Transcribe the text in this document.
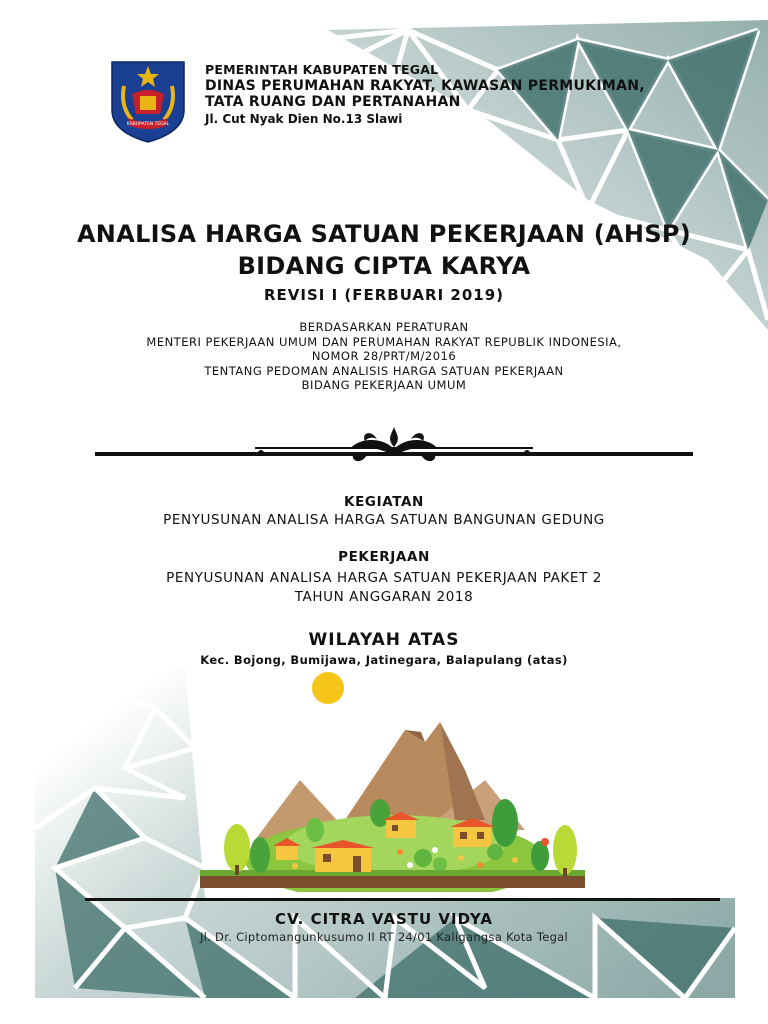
KABUPATEN TEGAL
PEMERINTAH KABUPATEN TEGAL
DINAS PERUMAHAN RAKYAT, KAWASAN PERMUKIMAN,
TATA RUANG DAN PERTANAHAN
Jl. Cut Nyak Dien No.13 Slawi
ANALISA HARGA SATUAN PEKERJAAN (AHSP)
BIDANG CIPTA KARYA
REVISI I (FERBUARI 2019)
BERDASARKAN PERATURAN
MENTERI PEKERJAAN UMUM DAN PERUMAHAN RAKYAT REPUBLIK INDONESIA,
NOMOR 28/PRT/M/2016
TENTANG PEDOMAN ANALISIS HARGA SATUAN PEKERJAAN
BIDANG PEKERJAAN UMUM
KEGIATAN
PENYUSUNAN ANALISA HARGA SATUAN BANGUNAN GEDUNG
PEKERJAAN
PENYUSUNAN ANALISA HARGA SATUAN PEKERJAAN PAKET 2
TAHUN ANGGARAN 2018
WILAYAH ATAS
Kec. Bojong, Bumijawa, Jatinegara, Balapulang (atas)
CV. CITRA VASTU VIDYA
Jl. Dr. Ciptomangunkusumo II RT 24/01 Kaligangsa Kota Tegal
